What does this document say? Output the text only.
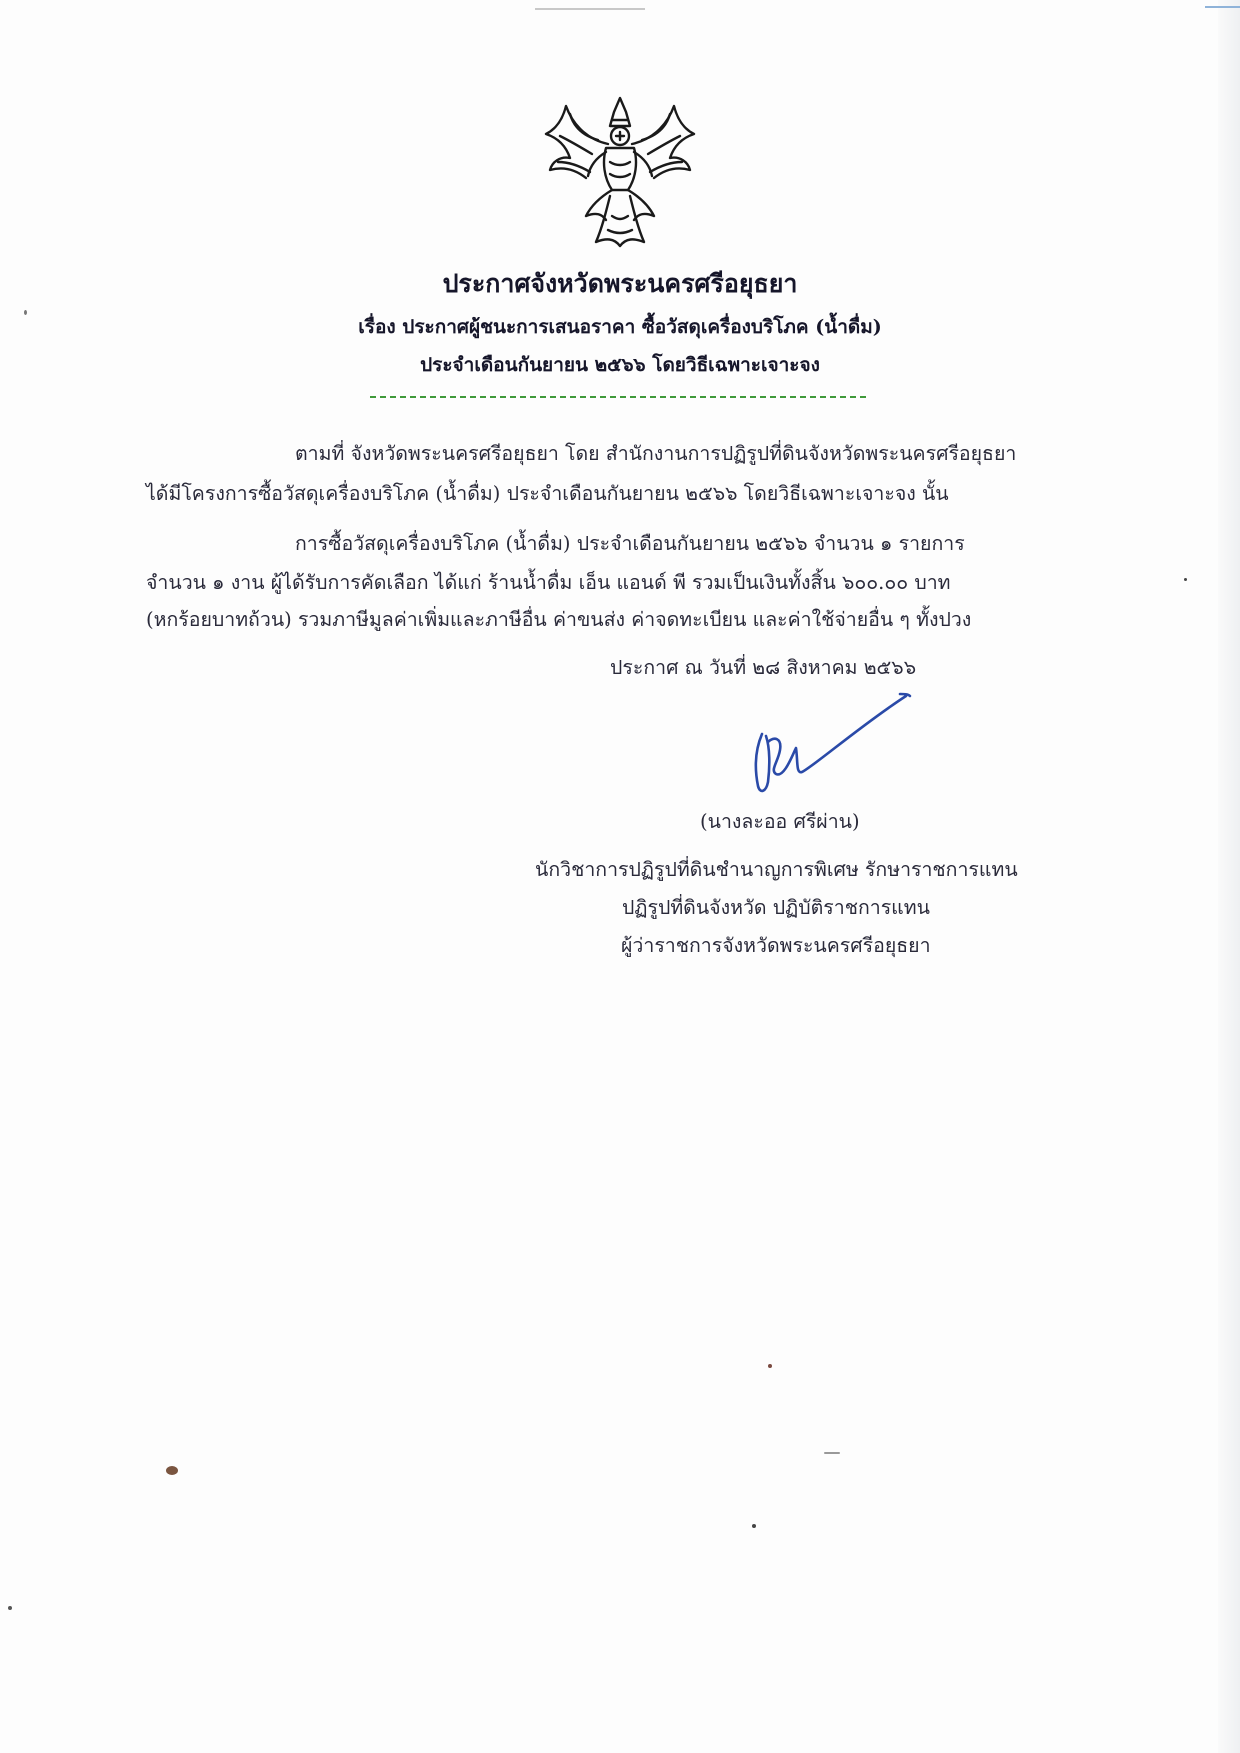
ประกาศจังหวัดพระนครศรีอยุธยา
เรื่อง ประกาศผู้ชนะการเสนอราคา ซื้อวัสดุเครื่องบริโภค (น้ำดื่ม)
ประจำเดือนกันยายน ๒๕๖๖ โดยวิธีเฉพาะเจาะจง
ตามที่ จังหวัดพระนครศรีอยุธยา โดย สำนักงานการปฏิรูปที่ดินจังหวัดพระนครศรีอยุธยา
ได้มีโครงการซื้อวัสดุเครื่องบริโภค (น้ำดื่ม) ประจำเดือนกันยายน ๒๕๖๖ โดยวิธีเฉพาะเจาะจง นั้น
การซื้อวัสดุเครื่องบริโภค (น้ำดื่ม) ประจำเดือนกันยายน ๒๕๖๖ จำนวน ๑ รายการ
จำนวน ๑ งาน ผู้ได้รับการคัดเลือก ได้แก่ ร้านน้ำดื่ม เอ็น แอนด์ พี รวมเป็นเงินทั้งสิ้น ๖๐๐.๐๐ บาท
(หกร้อยบาทถ้วน) รวมภาษีมูลค่าเพิ่มและภาษีอื่น ค่าขนส่ง ค่าจดทะเบียน และค่าใช้จ่ายอื่น ๆ ทั้งปวง
ประกาศ ณ วันที่ ๒๘ สิงหาคม ๒๕๖๖
(นางละออ ศรีผ่าน)
นักวิชาการปฏิรูปที่ดินชำนาญการพิเศษ รักษาราชการแทน
ปฏิรูปที่ดินจังหวัด ปฏิบัติราชการแทน
ผู้ว่าราชการจังหวัดพระนครศรีอยุธยา
